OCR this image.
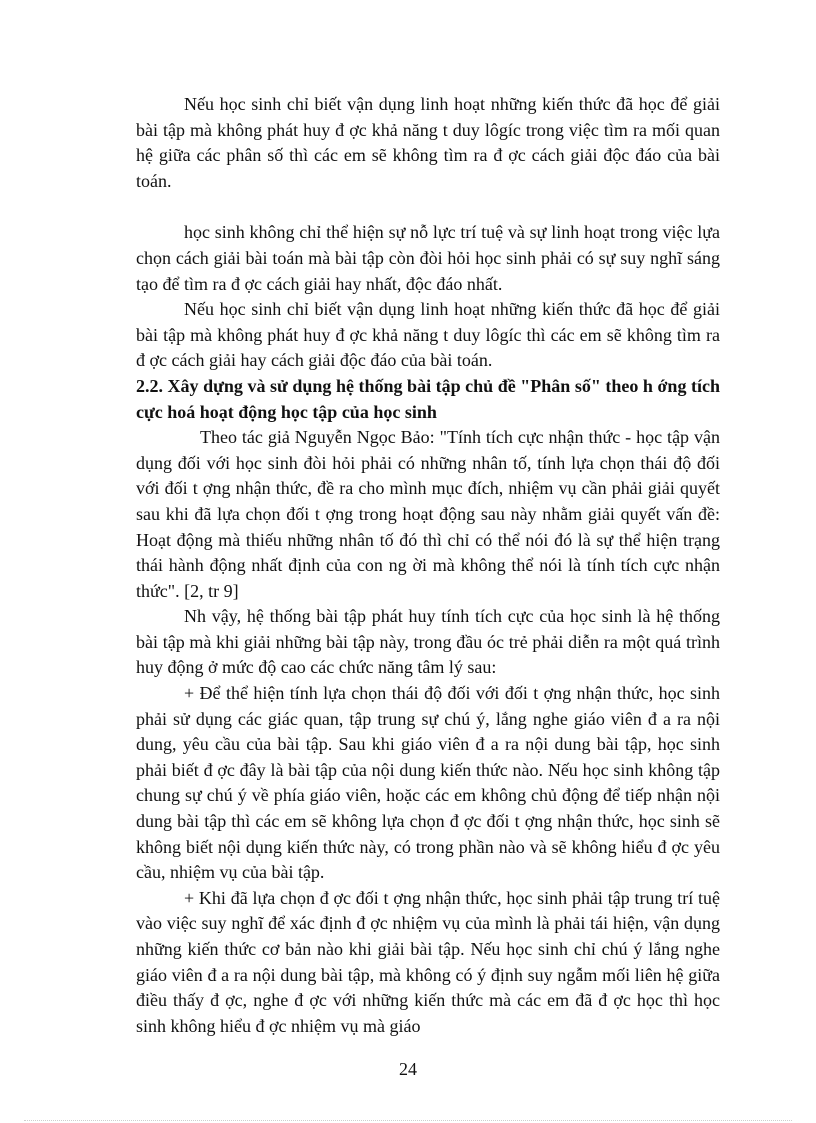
Nếu học sinh chỉ biết vận dụng linh hoạt những kiến thức đã học để giải bài tập mà không phát huy đ ợc khả năng t duy lôgíc trong việc tìm ra mối quan hệ giữa các phân số thì các em sẽ không tìm ra đ ợc cách giải độc đáo của bài toán.

học sinh không chỉ thể hiện sự nỗ lực trí tuệ và sự linh hoạt trong việc lựa chọn cách giải bài toán mà bài tập còn đòi hỏi học sinh phải có sự suy nghĩ sáng tạo để tìm ra đ ợc cách giải hay nhất, độc đáo nhất.

Nếu học sinh chỉ biết vận dụng linh hoạt những kiến thức đã học để giải bài tập mà không phát huy đ ợc khả năng t duy lôgíc thì các em sẽ không tìm ra đ ợc cách giải hay cách giải độc đáo của bài toán.

2.2. Xây dựng và sử dụng hệ thống bài tập chủ đề "Phân số" theo h ớng tích cực hoá hoạt động học tập của học sinh

Theo tác giả Nguyễn Ngọc Bảo: "Tính tích cực nhận thức - học tập vận dụng đối với học sinh đòi hỏi phải có những nhân tố, tính lựa chọn thái độ đối với đối t ợng nhận thức, đề ra cho mình mục đích, nhiệm vụ cần phải giải quyết sau khi đã lựa chọn đối t ợng trong hoạt động sau này nhằm giải quyết vấn đề: Hoạt động mà thiếu những nhân tố đó thì chỉ có thể nói đó là sự thể hiện trạng thái hành động nhất định của con ng ời mà không thể nói là tính tích cực nhận thức". [2, tr 9]

Nh vậy, hệ thống bài tập phát huy tính tích cực của học sinh là hệ thống bài tập mà khi giải những bài tập này, trong đầu óc trẻ phải diễn ra một quá trình huy động ở mức độ cao các chức năng tâm lý sau:

+ Để thể hiện tính lựa chọn thái độ đối với đối t ợng nhận thức, học sinh phải sử dụng các giác quan, tập trung sự chú ý, lắng nghe giáo viên đ a ra nội dung, yêu cầu của bài tập. Sau khi giáo viên đ a ra nội dung bài tập, học sinh phải biết đ ợc đây là bài tập của nội dung kiến thức nào. Nếu học sinh không tập chung sự chú ý về phía giáo viên, hoặc các em không chủ động để tiếp nhận nội dung bài tập thì các em sẽ không lựa chọn đ ợc đối t ợng nhận thức, học sinh sẽ không biết nội dụng kiến thức này, có trong phần nào và sẽ không hiểu đ ợc yêu cầu, nhiệm vụ của bài tập.

+ Khi đã lựa chọn đ ợc đối t ợng nhận thức, học sinh phải tập trung trí tuệ vào việc suy nghĩ để xác định đ ợc nhiệm vụ của mình là phải tái hiện, vận dụng những kiến thức cơ bản nào khi giải bài tập. Nếu học sinh chỉ chú ý lắng nghe giáo viên đ a ra nội dung bài tập, mà không có ý định suy ngẫm mối liên hệ giữa điều thấy đ ợc, nghe đ ợc với những kiến thức mà các em đã đ ợc học thì học sinh không hiểu đ ợc nhiệm vụ mà giáo

24
